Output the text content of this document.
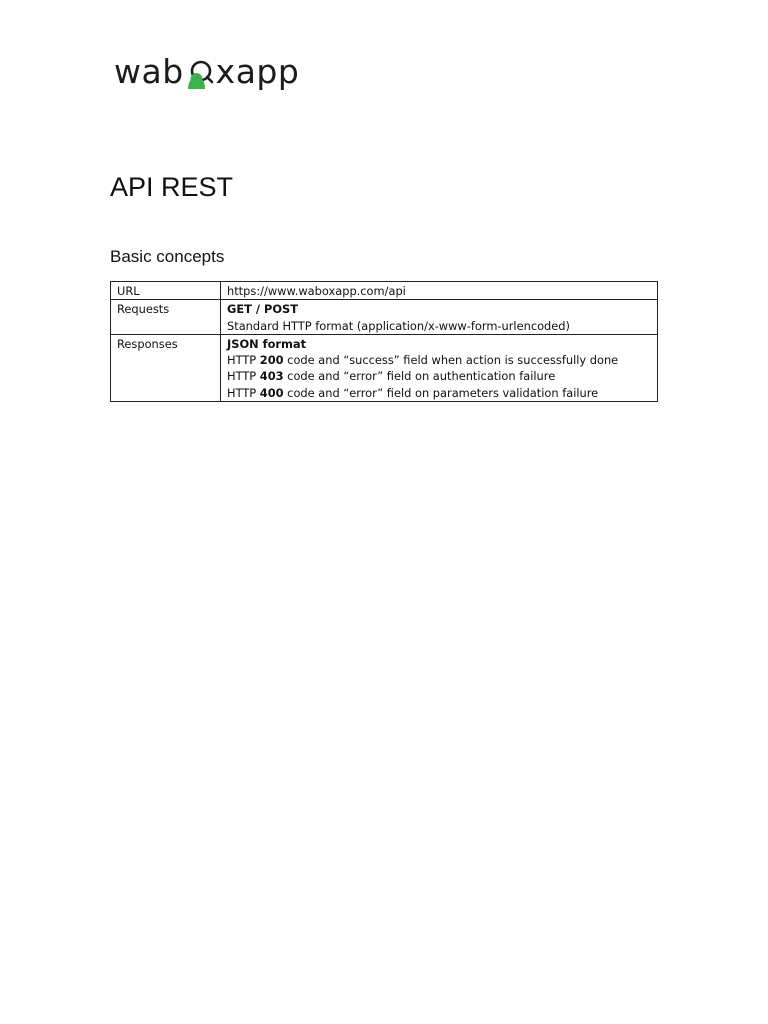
wab xapp
API REST
Basic concepts
URL	https://www.waboxapp.com/api

Requests	GET / POST
Standard HTTP format (application/x-www-form-urlencoded)

Responses	JSON format
HTTP 200 code and “success” field when action is successfully done
HTTP 403 code and “error” field on authentication failure
HTTP 400 code and “error” field on parameters validation failure
